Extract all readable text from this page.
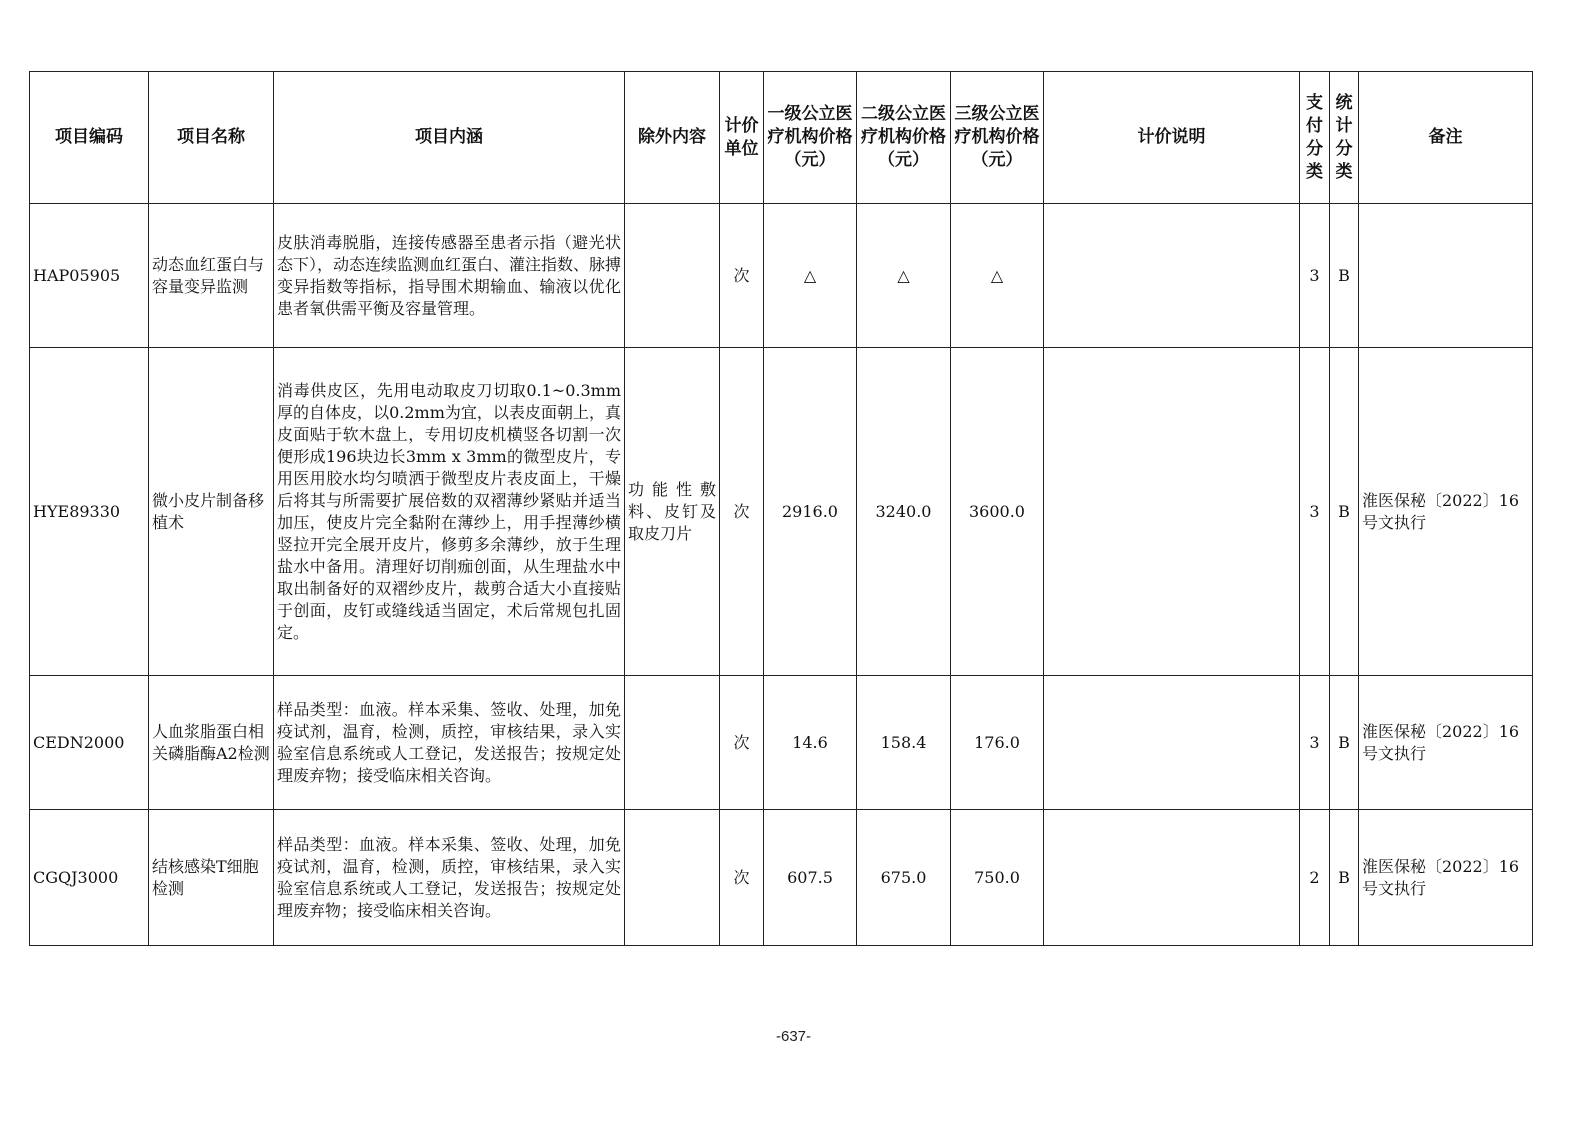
项目编码	项目名称	项目内涵	除外内容	计价单位	一级公立医疗机构价格（元）	二级公立医疗机构价格（元）	三级公立医疗机构价格（元）	计价说明	支付分类	统计分类	备注
HAP05905	动态血红蛋白与容量变异监测	皮肤消毒脱脂，连接传感器至患者示指（避光状态下），动态连续监测血红蛋白、灌注指数、脉搏变异指数等指标，指导围术期输血、输液以优化患者氧供需平衡及容量管理。		次	△	△	△		3	B	
HYE89330	微小皮片制备移植术	消毒供皮区，先用电动取皮刀切取0.1~0.3mm厚的自体皮，以0.2mm为宜，以表皮面朝上，真皮面贴于软木盘上，专用切皮机横竖各切割一次便形成196块边长3mm x 3mm的微型皮片，专用医用胶水均匀喷洒于微型皮片表皮面上，干燥后将其与所需要扩展倍数的双褶薄纱紧贴并适当加压，使皮片完全黏附在薄纱上，用手捏薄纱横竖拉开完全展开皮片，修剪多余薄纱，放于生理盐水中备用。清理好切削痂创面，从生理盐水中取出制备好的双褶纱皮片，裁剪合适大小直接贴于创面，皮钉或缝线适当固定，术后常规包扎固定。	功能性敷料、皮钉及取皮刀片	次	2916.0	3240.0	3600.0		3	B	淮医保秘〔2022〕16号文执行
CEDN2000	人血浆脂蛋白相关磷脂酶A2检测	样品类型：血液。样本采集、签收、处理，加免疫试剂，温育，检测，质控，审核结果，录入实验室信息系统或人工登记，发送报告；按规定处理废弃物；接受临床相关咨询。		次	14.6	158.4	176.0		3	B	淮医保秘〔2022〕16号文执行
CGQJ3000	结核感染T细胞检测	样品类型：血液。样本采集、签收、处理，加免疫试剂，温育，检测，质控，审核结果，录入实验室信息系统或人工登记，发送报告；按规定处理废弃物；接受临床相关咨询。		次	607.5	675.0	750.0		2	B	淮医保秘〔2022〕16号文执行
-637-
